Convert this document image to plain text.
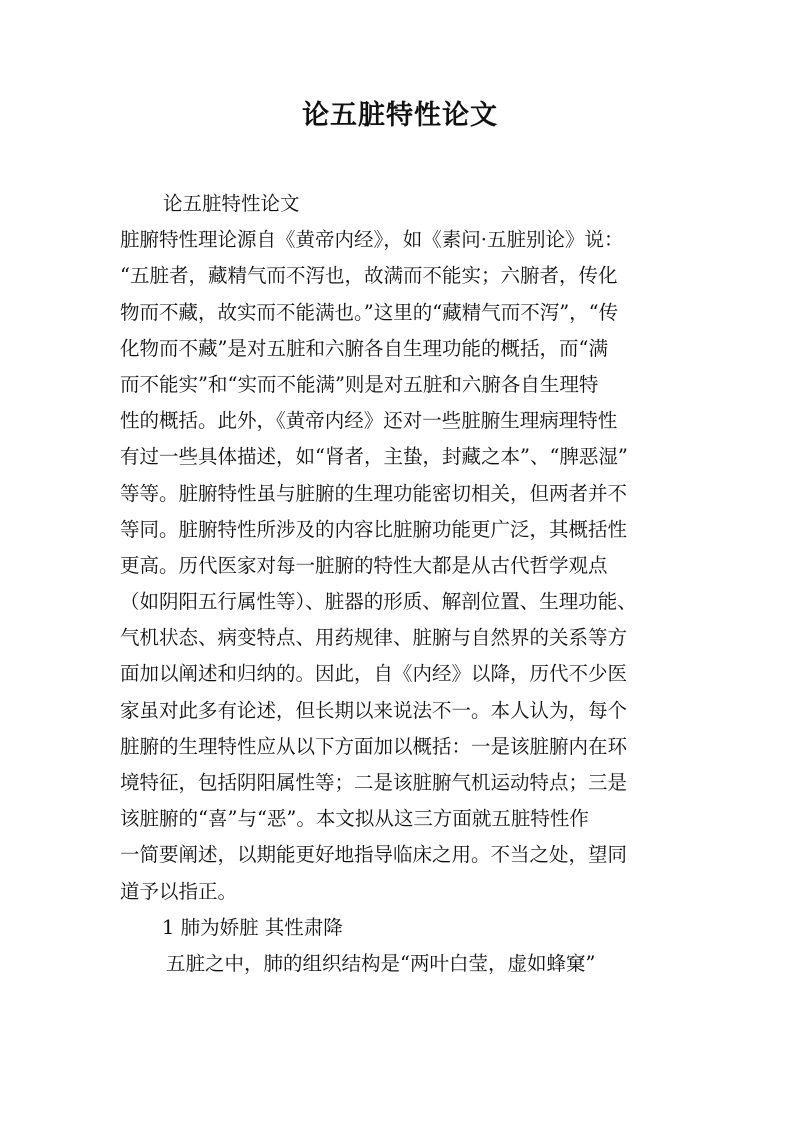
论五脏特性论文
论五脏特性论文
脏腑特性理论源自《黄帝内经》，如《素问·五脏别论》说：
“五脏者，藏精气而不泻也，故满而不能实；六腑者，传化
物而不藏，故实而不能满也。”这里的“藏精气而不泻”，“传
化物而不藏”是对五脏和六腑各自生理功能的概括，而“满
而不能实”和“实而不能满”则是对五脏和六腑各自生理特
性的概括。此外，《黄帝内经》还对一些脏腑生理病理特性
有过一些具体描述，如“肾者，主蛰，封藏之本”、“脾恶湿”
等等。脏腑特性虽与脏腑的生理功能密切相关，但两者并不
等同。脏腑特性所涉及的内容比脏腑功能更广泛，其概括性
更高。历代医家对每一脏腑的特性大都是从古代哲学观点
（如阴阳五行属性等）、脏器的形质、解剖位置、生理功能、
气机状态、病变特点、用药规律、脏腑与自然界的关系等方
面加以阐述和归纳的。因此，自《内经》以降，历代不少医
家虽对此多有论述，但长期以来说法不一。本人认为，每个
脏腑的生理特性应从以下方面加以概括：一是该脏腑内在环
境特征，包括阴阳属性等；二是该脏腑气机运动特点；三是
该脏腑的“喜”与“恶”。本文拟从这三方面就五脏特性作
一简要阐述，以期能更好地指导临床之用。不当之处，望同
道予以指正。
1 肺为娇脏 其性肃降
五脏之中，肺的组织结构是“两叶白莹，虚如蜂窠”
